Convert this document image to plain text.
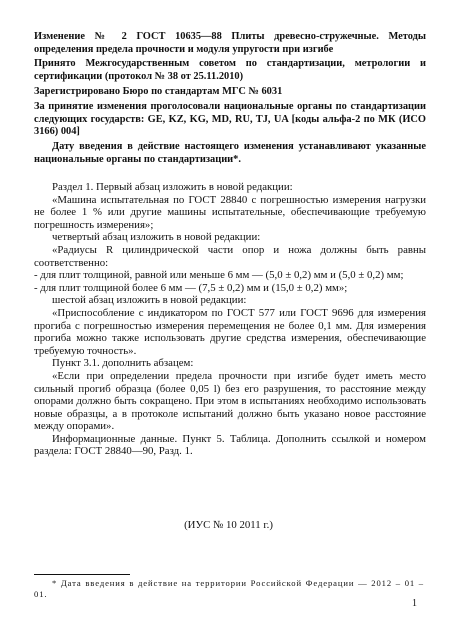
Изменение № 2 ГОСТ 10635—88 Плиты древесно-стружечные. Методы определения предела прочности и модуля упругости при изгибе

Принято Межгосударственным советом по стандартизации, метрологии и сертификации (протокол № 38 от 25.11.2010)

Зарегистрировано Бюро по стандартам МГС № 6031

За принятие изменения проголосовали национальные органы по стандартизации следующих государств: GE, KZ, KG, MD, RU, TJ, UA [коды альфа-2 по МК (ИСО 3166) 004]

Дату введения в действие настоящего изменения устанавливают указанные национальные органы по стандартизации*.

Раздел 1. Первый абзац изложить в новой редакции:

«Машина испытательная по ГОСТ 28840 с погрешностью измерения нагрузки не более 1 % или другие машины испытательные, обеспечивающие требуемую погрешность измерения»;

четвертый абзац изложить в новой редакции:

«Радиусы R цилиндрической части опор и ножа должны быть равны соответственно:

- для плит толщиной, равной или меньше 6 мм — (5,0 ± 0,2) мм и (5,0 ± 0,2) мм;

- для плит толщиной более 6 мм — (7,5 ± 0,2) мм и (15,0 ± 0,2) мм»;

шестой абзац изложить в новой редакции:

«Приспособление с индикатором по ГОСТ 577 или ГОСТ 9696 для измерения прогиба с погрешностью измерения перемещения не более 0,1 мм. Для измерения прогиба можно также использовать другие средства измерения, обеспечивающие требуемую точность».

Пункт 3.1. дополнить абзацем:

«Если при определении предела прочности при изгибе будет иметь место сильный прогиб образца (более 0,05 l) без его разрушения, то расстояние между опорами должно быть сокращено. При этом в испытаниях необходимо использовать новые образцы, а в протоколе испытаний должно быть указано новое расстояние между опорами».

Информационные данные. Пункт 5. Таблица. Дополнить ссылкой и номером раздела: ГОСТ 28840—90, Разд. 1.

(ИУС № 10 2011 г.)
* Дата введения в действие на территории Российской Федерации — 2012 – 01 – 01.
1
